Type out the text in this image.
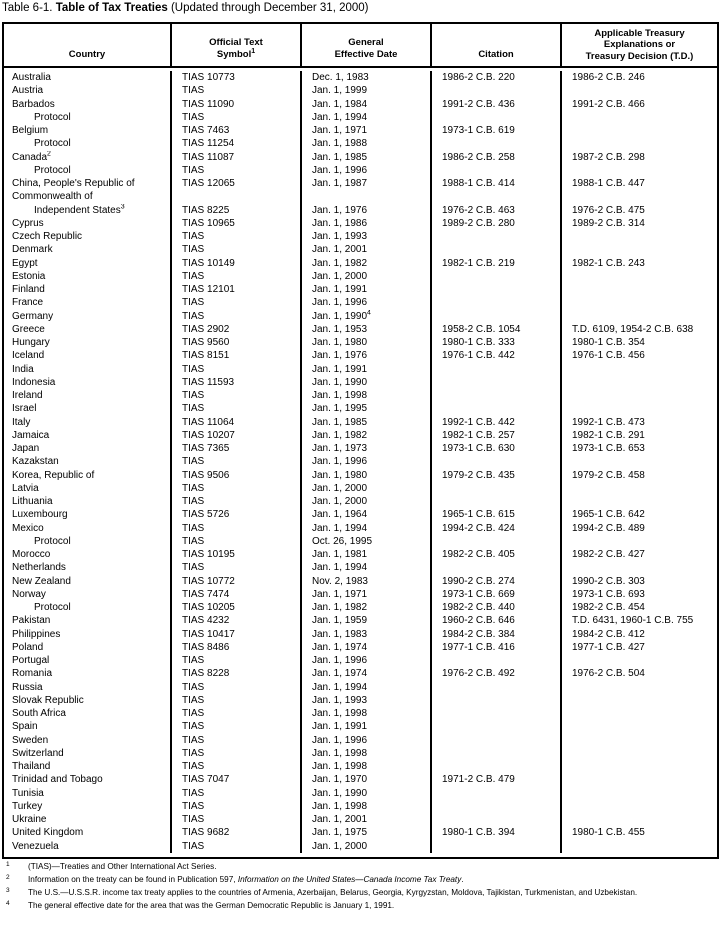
Table 6-1. Table of Tax Treaties (Updated through December 31, 2000)
Country
Official Text
Symbol$^1$
General
Effective Date	Citation
Applicable Treasury
Explanations or
Treasury Decision (T.D.)
Australia	TIAS 10773	Dec. 1, 1983	1986-2 C.B. 220	1986-2 C.B. 246
Austria	TIAS	Jan. 1, 1999
Barbados	TIAS 11090	Jan. 1, 1984	1991-2 C.B. 436	1991-2 C.B. 466
Protocol	TIAS	Jan. 1, 1994
Belgium	TIAS 7463	Jan. 1, 1971	1973-1 C.B. 619
Protocol	TIAS 11254	Jan. 1, 1988
Canada$^2$	TIAS 11087	Jan. 1, 1985	1986-2 C.B. 258	1987-2 C.B. 298
Protocol	TIAS	Jan. 1, 1996
China, People's Republic of	TIAS 12065	Jan. 1, 1987	1988-1 C.B. 414	1988-1 C.B. 447
Commonwealth of
Independent States$^3$	TIAS 8225	Jan. 1, 1976	1976-2 C.B. 463	1976-2 C.B. 475
Cyprus	TIAS 10965	Jan. 1, 1986	1989-2 C.B. 280	1989-2 C.B. 314
Czech Republic	TIAS	Jan. 1, 1993
Denmark	TIAS	Jan. 1, 2001
Egypt	TIAS 10149	Jan. 1, 1982	1982-1 C.B. 219	1982-1 C.B. 243
Estonia	TIAS	Jan. 1, 2000
Finland	TIAS 12101	Jan. 1, 1991
France	TIAS	Jan. 1, 1996
Germany	TIAS	Jan. 1, 1990$^4$
Greece	TIAS 2902	Jan. 1, 1953	1958-2 C.B. 1054	T.D. 6109, 1954-2 C.B. 638
Hungary	TIAS 9560	Jan. 1, 1980	1980-1 C.B. 333	1980-1 C.B. 354
Iceland	TIAS 8151	Jan. 1, 1976	1976-1 C.B. 442	1976-1 C.B. 456
India	TIAS	Jan. 1, 1991
Indonesia	TIAS 11593	Jan. 1, 1990
Ireland	TIAS	Jan. 1, 1998
Israel	TIAS	Jan. 1, 1995
Italy	TIAS 11064	Jan. 1, 1985	1992-1 C.B. 442	1992-1 C.B. 473
Jamaica	TIAS 10207	Jan. 1, 1982	1982-1 C.B. 257	1982-1 C.B. 291
Japan	TIAS 7365	Jan. 1, 1973	1973-1 C.B. 630	1973-1 C.B. 653
Kazakstan	TIAS	Jan. 1, 1996
Korea, Republic of	TIAS 9506	Jan. 1, 1980	1979-2 C.B. 435	1979-2 C.B. 458
Latvia	TIAS	Jan. 1, 2000
Lithuania	TIAS	Jan. 1, 2000
Luxembourg	TIAS 5726	Jan. 1, 1964	1965-1 C.B. 615	1965-1 C.B. 642
Mexico	TIAS	Jan. 1, 1994	1994-2 C.B. 424	1994-2 C.B. 489
Protocol	TIAS	Oct. 26, 1995
Morocco	TIAS 10195	Jan. 1, 1981	1982-2 C.B. 405	1982-2 C.B. 427
Netherlands	TIAS	Jan. 1, 1994
New Zealand	TIAS 10772	Nov. 2, 1983	1990-2 C.B. 274	1990-2 C.B. 303
Norway	TIAS 7474	Jan. 1, 1971	1973-1 C.B. 669	1973-1 C.B. 693
Protocol	TIAS 10205	Jan. 1, 1982	1982-2 C.B. 440	1982-2 C.B. 454
Pakistan	TIAS 4232	Jan. 1, 1959	1960-2 C.B. 646	T.D. 6431, 1960-1 C.B. 755
Philippines	TIAS 10417	Jan. 1, 1983	1984-2 C.B. 384	1984-2 C.B. 412
Poland	TIAS 8486	Jan. 1, 1974	1977-1 C.B. 416	1977-1 C.B. 427
Portugal	TIAS	Jan. 1, 1996
Romania	TIAS 8228	Jan. 1, 1974	1976-2 C.B. 492	1976-2 C.B. 504
Russia	TIAS	Jan. 1, 1994
Slovak Republic	TIAS	Jan. 1, 1993
South Africa	TIAS	Jan. 1, 1998
Spain	TIAS	Jan. 1, 1991
Sweden	TIAS	Jan. 1, 1996
Switzerland	TIAS	Jan. 1, 1998
Thailand	TIAS	Jan. 1, 1998
Trinidad and Tobago	TIAS 7047	Jan. 1, 1970	1971-2 C.B. 479
Tunisia	TIAS	Jan. 1, 1990
Turkey	TIAS	Jan. 1, 1998
Ukraine	TIAS	Jan. 1, 2001
United Kingdom	TIAS 9682	Jan. 1, 1975	1980-1 C.B. 394	1980-1 C.B. 455
Venezuela	TIAS	Jan. 1, 2000
1 (TIAS)—Treaties and Other International Act Series.
2 Information on the treaty can be found in Publication 597, Information on the United States—Canada Income Tax Treaty.
3 The U.S.—U.S.S.R. income tax treaty applies to the countries of Armenia, Azerbaijan, Belarus, Georgia, Kyrgyzstan, Moldova, Tajikistan, Turkmenistan, and Uzbekistan.
4 The general effective date for the area that was the German Democratic Republic is January 1, 1991.
